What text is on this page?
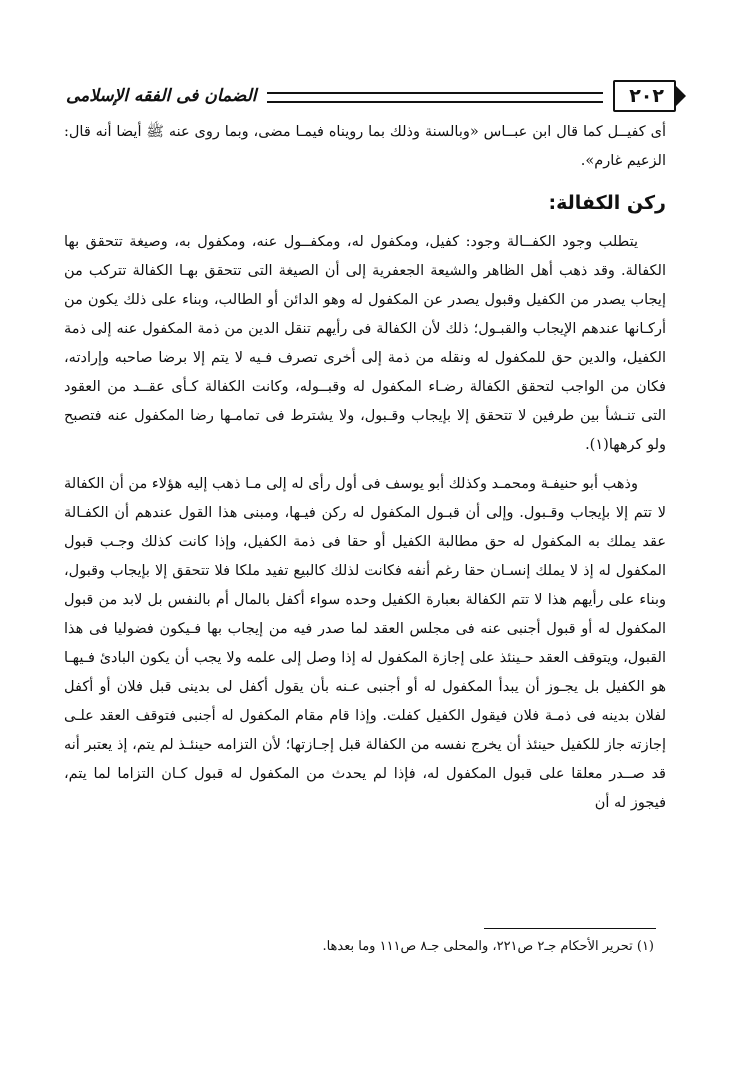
الضمان فى الفقه الإسلامى	٢٠٢

أى كفيــل كما قال ابن عبــاس «وبالسنة وذلك بما رويناه فيمـا مضى، وبما روى عنه ﷺ أيضا أنه قال: الزعيم غارم».

ركن الكفالة:

يتطلب وجود الكفــالة وجود: كفيل، ومكفول له، ومكفــول عنه، ومكفول به، وصيغة تتحقق بها الكفالة. وقد ذهب أهل الظاهر والشيعة الجعفرية إلى أن الصيغة التى تتحقق بهـا الكفالة تتركب من إيجاب يصدر من الكفيل وقبول يصدر عن المكفول له وهو الدائن أو الطالب، وبناء على ذلك يكون من أركـانها عندهم الإيجاب والقبـول؛ ذلك لأن الكفالة فى رأيهم تنقل الدين من ذمة المكفول عنه إلى ذمة الكفيل، والدين حق للمكفول له ونقله من ذمة إلى أخرى تصرف فـيه لا يتم إلا برضا صاحبه وإرادته، فكان من الواجب لتحقق الكفالة رضـاء المكفول له وقبــوله، وكانت الكفالة كـأى عقــد من العقود التى تنـشأ بين طرفين لا تتحقق إلا بإيجاب وقـبول، ولا يشترط فى تمامـها رضا المكفول عنه فتصبح ولو كرهها(١).

وذهب أبو حنيفـة ومحمـد وكذلك أبو يوسف فى أول رأى له إلى مـا ذهب إليه هؤلاء من أن الكفالة لا تتم إلا بإيجاب وقـبول. وإلى أن قبـول المكفول له ركن فيـها، ومبنى هذا القول عندهم أن الكفـالة عقد يملك به المكفول له حق مطالبة الكفيل أو حقا فى ذمة الكفيل، وإذا كانت كذلك وجـب قبول المكفول له إذ لا يملك إنسـان حقا رغم أنفه فكانت لذلك كالبيع تفيد ملكا فلا تتحقق إلا بإيجاب وقبول، وبناء على رأيهم هذا لا تتم الكفالة بعبارة الكفيل وحده سواء أكفل بالمال أم بالنفس بل لابد من قبول المكفول له أو قبول أجنبى عنه فى مجلس العقد لما صدر فيه من إيجاب بها فـيكون فضوليا فى هذا القبول، ويتوقف العقد حـينئذ على إجازة المكفول له إذا وصل إلى علمه ولا يجب أن يكون البادئ فـيهـا هو الكفيل بل يجـوز أن يبدأ المكفول له أو أجنبى عـنه بأن يقول أكفل لى بدينى قبل فلان أو أكفل لفلان بدينه فى ذمـة فلان فيقول الكفيل كفلت. وإذا قام مقام المكفول له أجنبى فتوقف العقد علـى إجازته جاز للكفيل حينئذ أن يخرج نفسه من الكفالة قبل إجـازتها؛ لأن التزامه حينئـذ لم يتم، إذ يعتبر أنه قد صــدر معلقا على قبول المكفول له، فإذا لم يحدث من المكفول له قبول كـان التزاما لما يتم، فيجوز له أن

(١) تحرير الأحكام جـ٢ ص٢٢١، والمحلى جـ٨ ص١١١ وما بعدها.
